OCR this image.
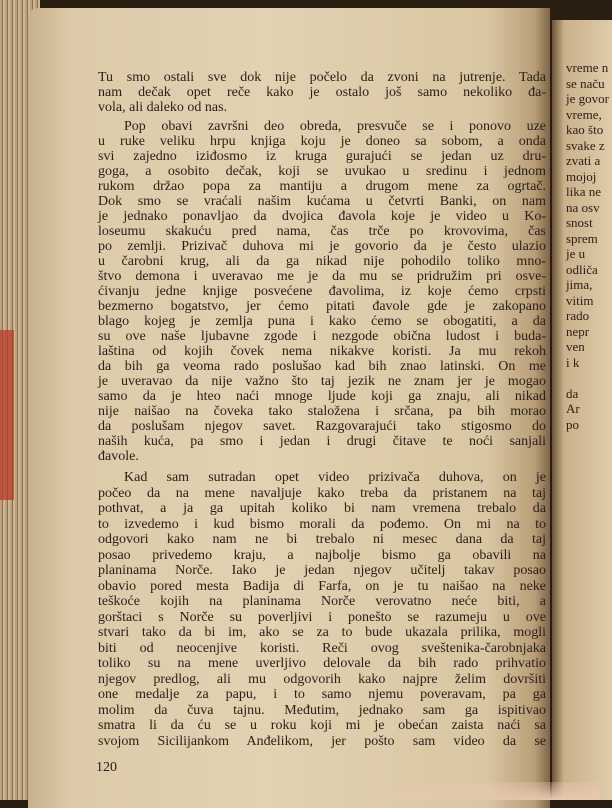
vreme n
se naču
je govor
vreme,
kao što
svake z
zvati a
mojoj
lika ne
na osv
snost
sprem
je u
odliča
jima,
vitim
rado
nepr
ven
i k
da
Ar
po
Tu smo ostali sve dok nije počelo da zvoni na jutrenje. Tada
nam dečak opet reče kako je ostalo još samo nekoliko đa-
vola, ali daleko od nas.
Pop obavi završni deo obreda, presvuče se i ponovo uze
u ruke veliku hrpu knjiga koju je doneo sa sobom, a onda
svi zajedno iziđosmo iz kruga gurajući se jedan uz dru-
goga, a osobito dečak, koji se uvukao u sredinu i jednom
rukom držao popa za mantiju a drugom mene za ogrtač.
Dok smo se vraćali našim kućama u četvrti Banki, on nam
je jednako ponavljao da dvojica đavola koje je video u Ko-
loseumu skakuću pred nama, čas trče po krovovima, čas
po zemlji. Prizivač duhova mi je govorio da je često ulazio
u čarobni krug, ali da ga nikad nije pohodilo toliko mno-
štvo demona i uveravao me je da mu se pridružim pri osve-
ćivanju jedne knjige posvećene đavolima, iz koje ćemo crpsti
bezmerno bogatstvo, jer ćemo pitati đavole gde je zakopano
blago kojeg je zemlja puna i kako ćemo se obogatiti, a da
su ove naše ljubavne zgode i nezgode obična ludost i buda-
laština od kojih čovek nema nikakve koristi. Ja mu rekoh
da bih ga veoma rado poslušao kad bih znao latinski. On me
je uveravao da nije važno što taj jezik ne znam jer je mogao
samo da je hteo naći mnoge ljude koji ga znaju, ali nikad
nije naišao na čoveka tako staložena i srčana, pa bih morao
da poslušam njegov savet. Razgovarajući tako stigosmo do
naših kuća, pa smo i jedan i drugi čitave te noći sanjali
đavole.
Kad sam sutradan opet video prizivača duhova, on je
počeo da na mene navaljuje kako treba da pristanem na taj
pothvat, a ja ga upitah koliko bi nam vremena trebalo da
to izvedemo i kud bismo morali da pođemo. On mi na to
odgovori kako nam ne bi trebalo ni mesec dana da taj
posao privedemo kraju, a najbolje bismo ga obavili na
planinama Norče. Iako je jedan njegov učitelj takav posao
obavio pored mesta Badija di Farfa, on je tu naišao na neke
teškoće kojih na planinama Norče verovatno neće biti, a
gorštaci s Norče su poverljivi i ponešto se razumeju u ove
stvari tako da bi im, ako se za to bude ukazala prilika, mogli
biti od neocenjive koristi. Reči ovog sveštenika-čarobnjaka
toliko su na mene uverljivo delovale da bih rado prihvatio
njegov predlog, ali mu odgovorih kako najpre želim dovršiti
one medalje za papu, i to samo njemu poveravam, pa ga
molim da čuva tajnu. Međutim, jednako sam ga ispitivao
smatra li da ću se u roku koji mi je obećan zaista naći sa
svojom Sicilijankom Anđelikom, jer pošto sam video da se
120
